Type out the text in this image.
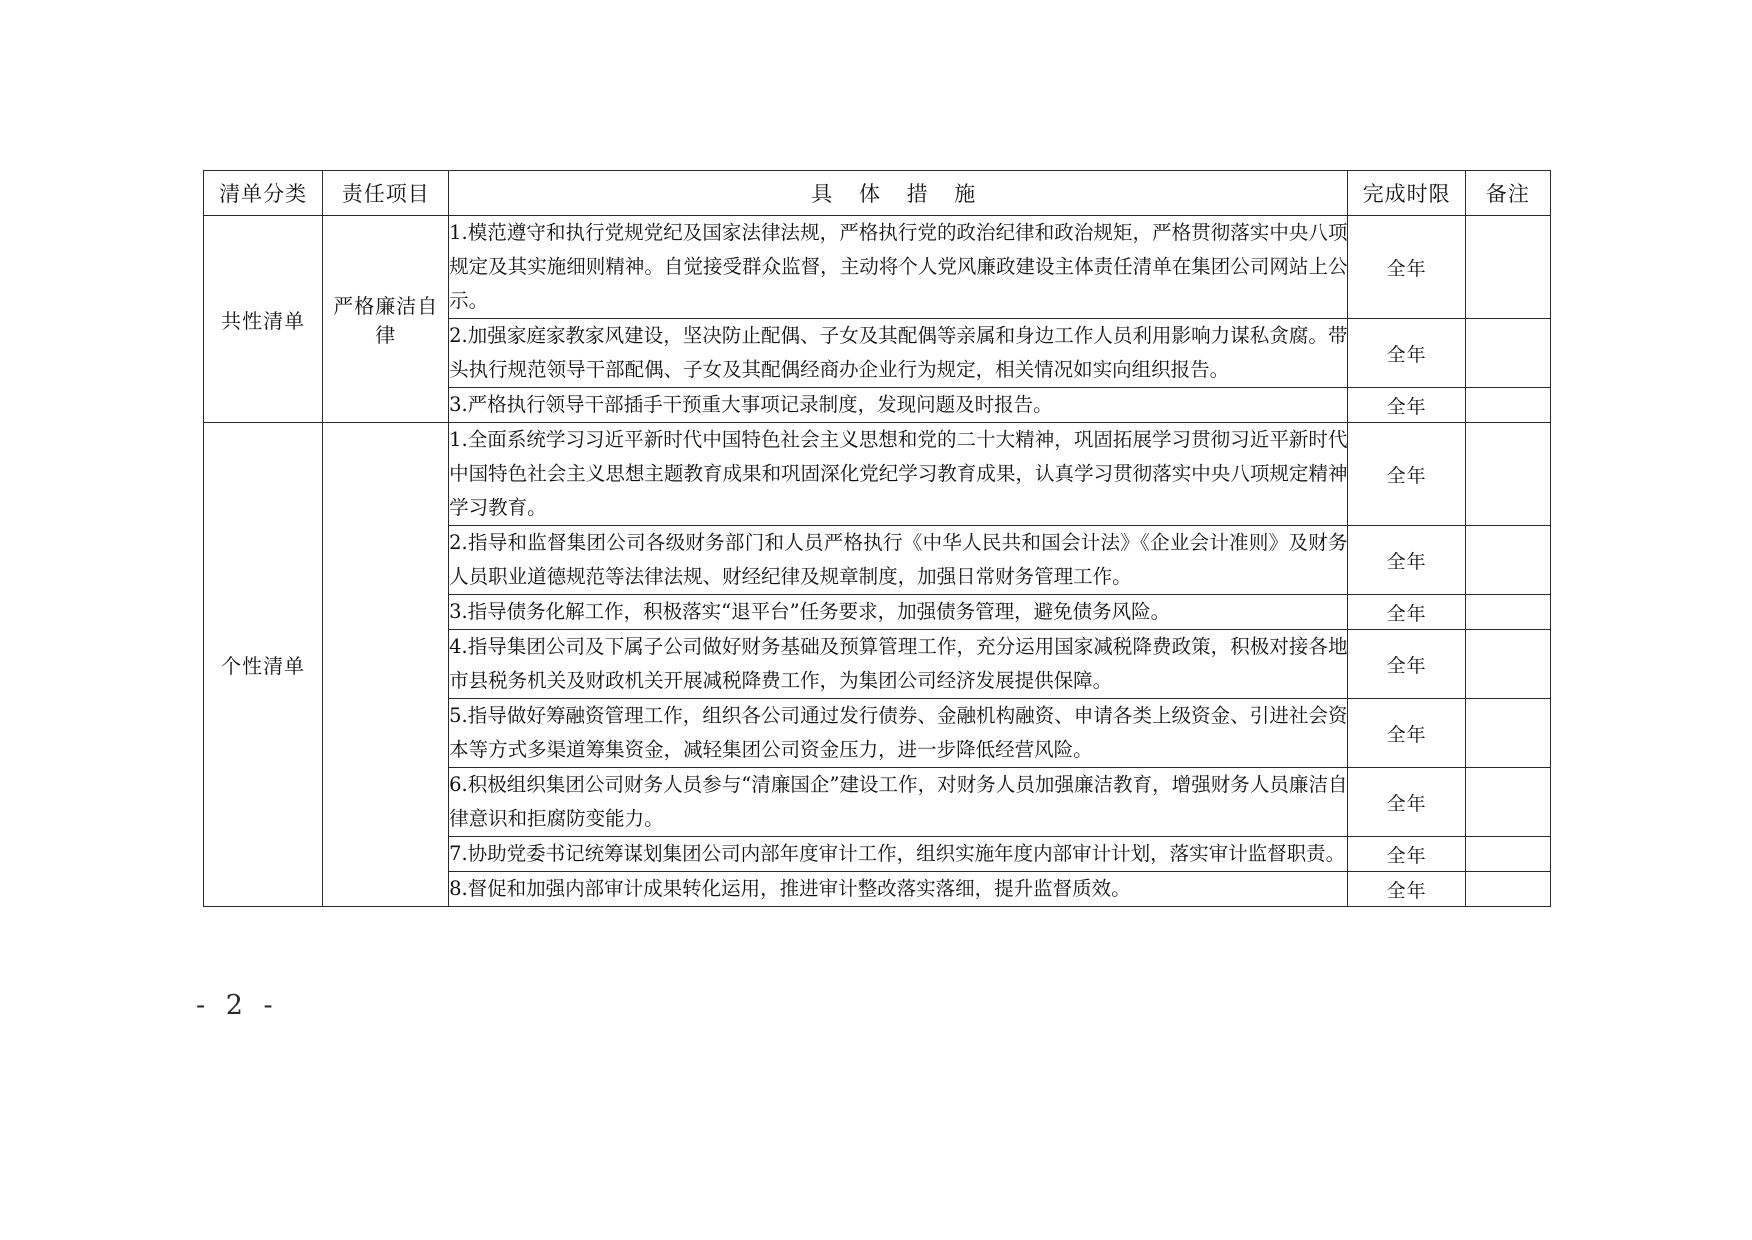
清单分类	责任项目	具 体 措 施	完成时限	备注
共性清单	严格廉洁自律	1.模范遵守和执行党规党纪及国家法律法规，严格执行党的政治纪律和政治规矩，严格贯彻落实中央八项规定及其实施细则精神。自觉接受群众监督，主动将个人党风廉政建设主体责任清单在集团公司网站上公示。	全年	
		2.加强家庭家教家风建设，坚决防止配偶、子女及其配偶等亲属和身边工作人员利用影响力谋私贪腐。带头执行规范领导干部配偶、子女及其配偶经商办企业行为规定，相关情况如实向组织报告。	全年	
		3.严格执行领导干部插手干预重大事项记录制度，发现问题及时报告。	全年	
个性清单		1.全面系统学习习近平新时代中国特色社会主义思想和党的二十大精神，巩固拓展学习贯彻习近平新时代中国特色社会主义思想主题教育成果和巩固深化党纪学习教育成果，认真学习贯彻落实中央八项规定精神学习教育。	全年	
		2.指导和监督集团公司各级财务部门和人员严格执行《中华人民共和国会计法》《企业会计准则》及财务人员职业道德规范等法律法规、财经纪律及规章制度，加强日常财务管理工作。	全年	
		3.指导债务化解工作，积极落实“退平台”任务要求，加强债务管理，避免债务风险。	全年	
		4.指导集团公司及下属子公司做好财务基础及预算管理工作，充分运用国家减税降费政策，积极对接各地市县税务机关及财政机关开展减税降费工作，为集团公司经济发展提供保障。	全年	
		5.指导做好筹融资管理工作，组织各公司通过发行债券、金融机构融资、申请各类上级资金、引进社会资本等方式多渠道筹集资金，减轻集团公司资金压力，进一步降低经营风险。	全年	
		6.积极组织集团公司财务人员参与“清廉国企”建设工作，对财务人员加强廉洁教育，增强财务人员廉洁自律意识和拒腐防变能力。	全年	
		7.协助党委书记统筹谋划集团公司内部年度审计工作，组织实施年度内部审计计划，落实审计监督职责。	全年	
		8.督促和加强内部审计成果转化运用，推进审计整改落实落细，提升监督质效。	全年	
- 2 -
